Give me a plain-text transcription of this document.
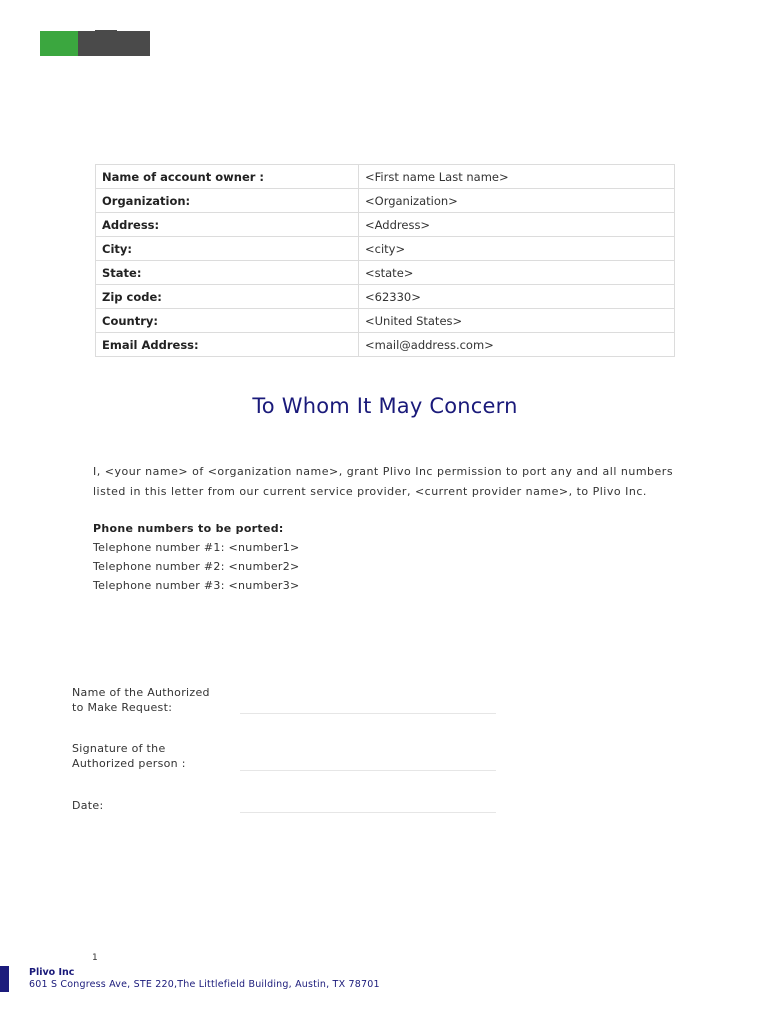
Name of account owner :	<First name Last name>
Organization:	<Organization>
Address:	<Address>
City:	<city>
State:	<state>
Zip code:	<62330>
Country:	<United States>
Email Address:	<mail@address.com>
To Whom It May Concern
I, <your name> of <organization name>, grant Plivo Inc permission to port any and all numbers
listed in this letter from our current service provider, <current provider name>, to Plivo Inc.
Phone numbers to be ported:
Telephone number #1: <number1>
Telephone number #2: <number2>
Telephone number #3: <number3>
Name of the Authorized
to Make Request:
Signature of the
Authorized person :
Date:
1
Plivo Inc
601 S Congress Ave, STE 220,The Littlefield Building, Austin, TX 78701
